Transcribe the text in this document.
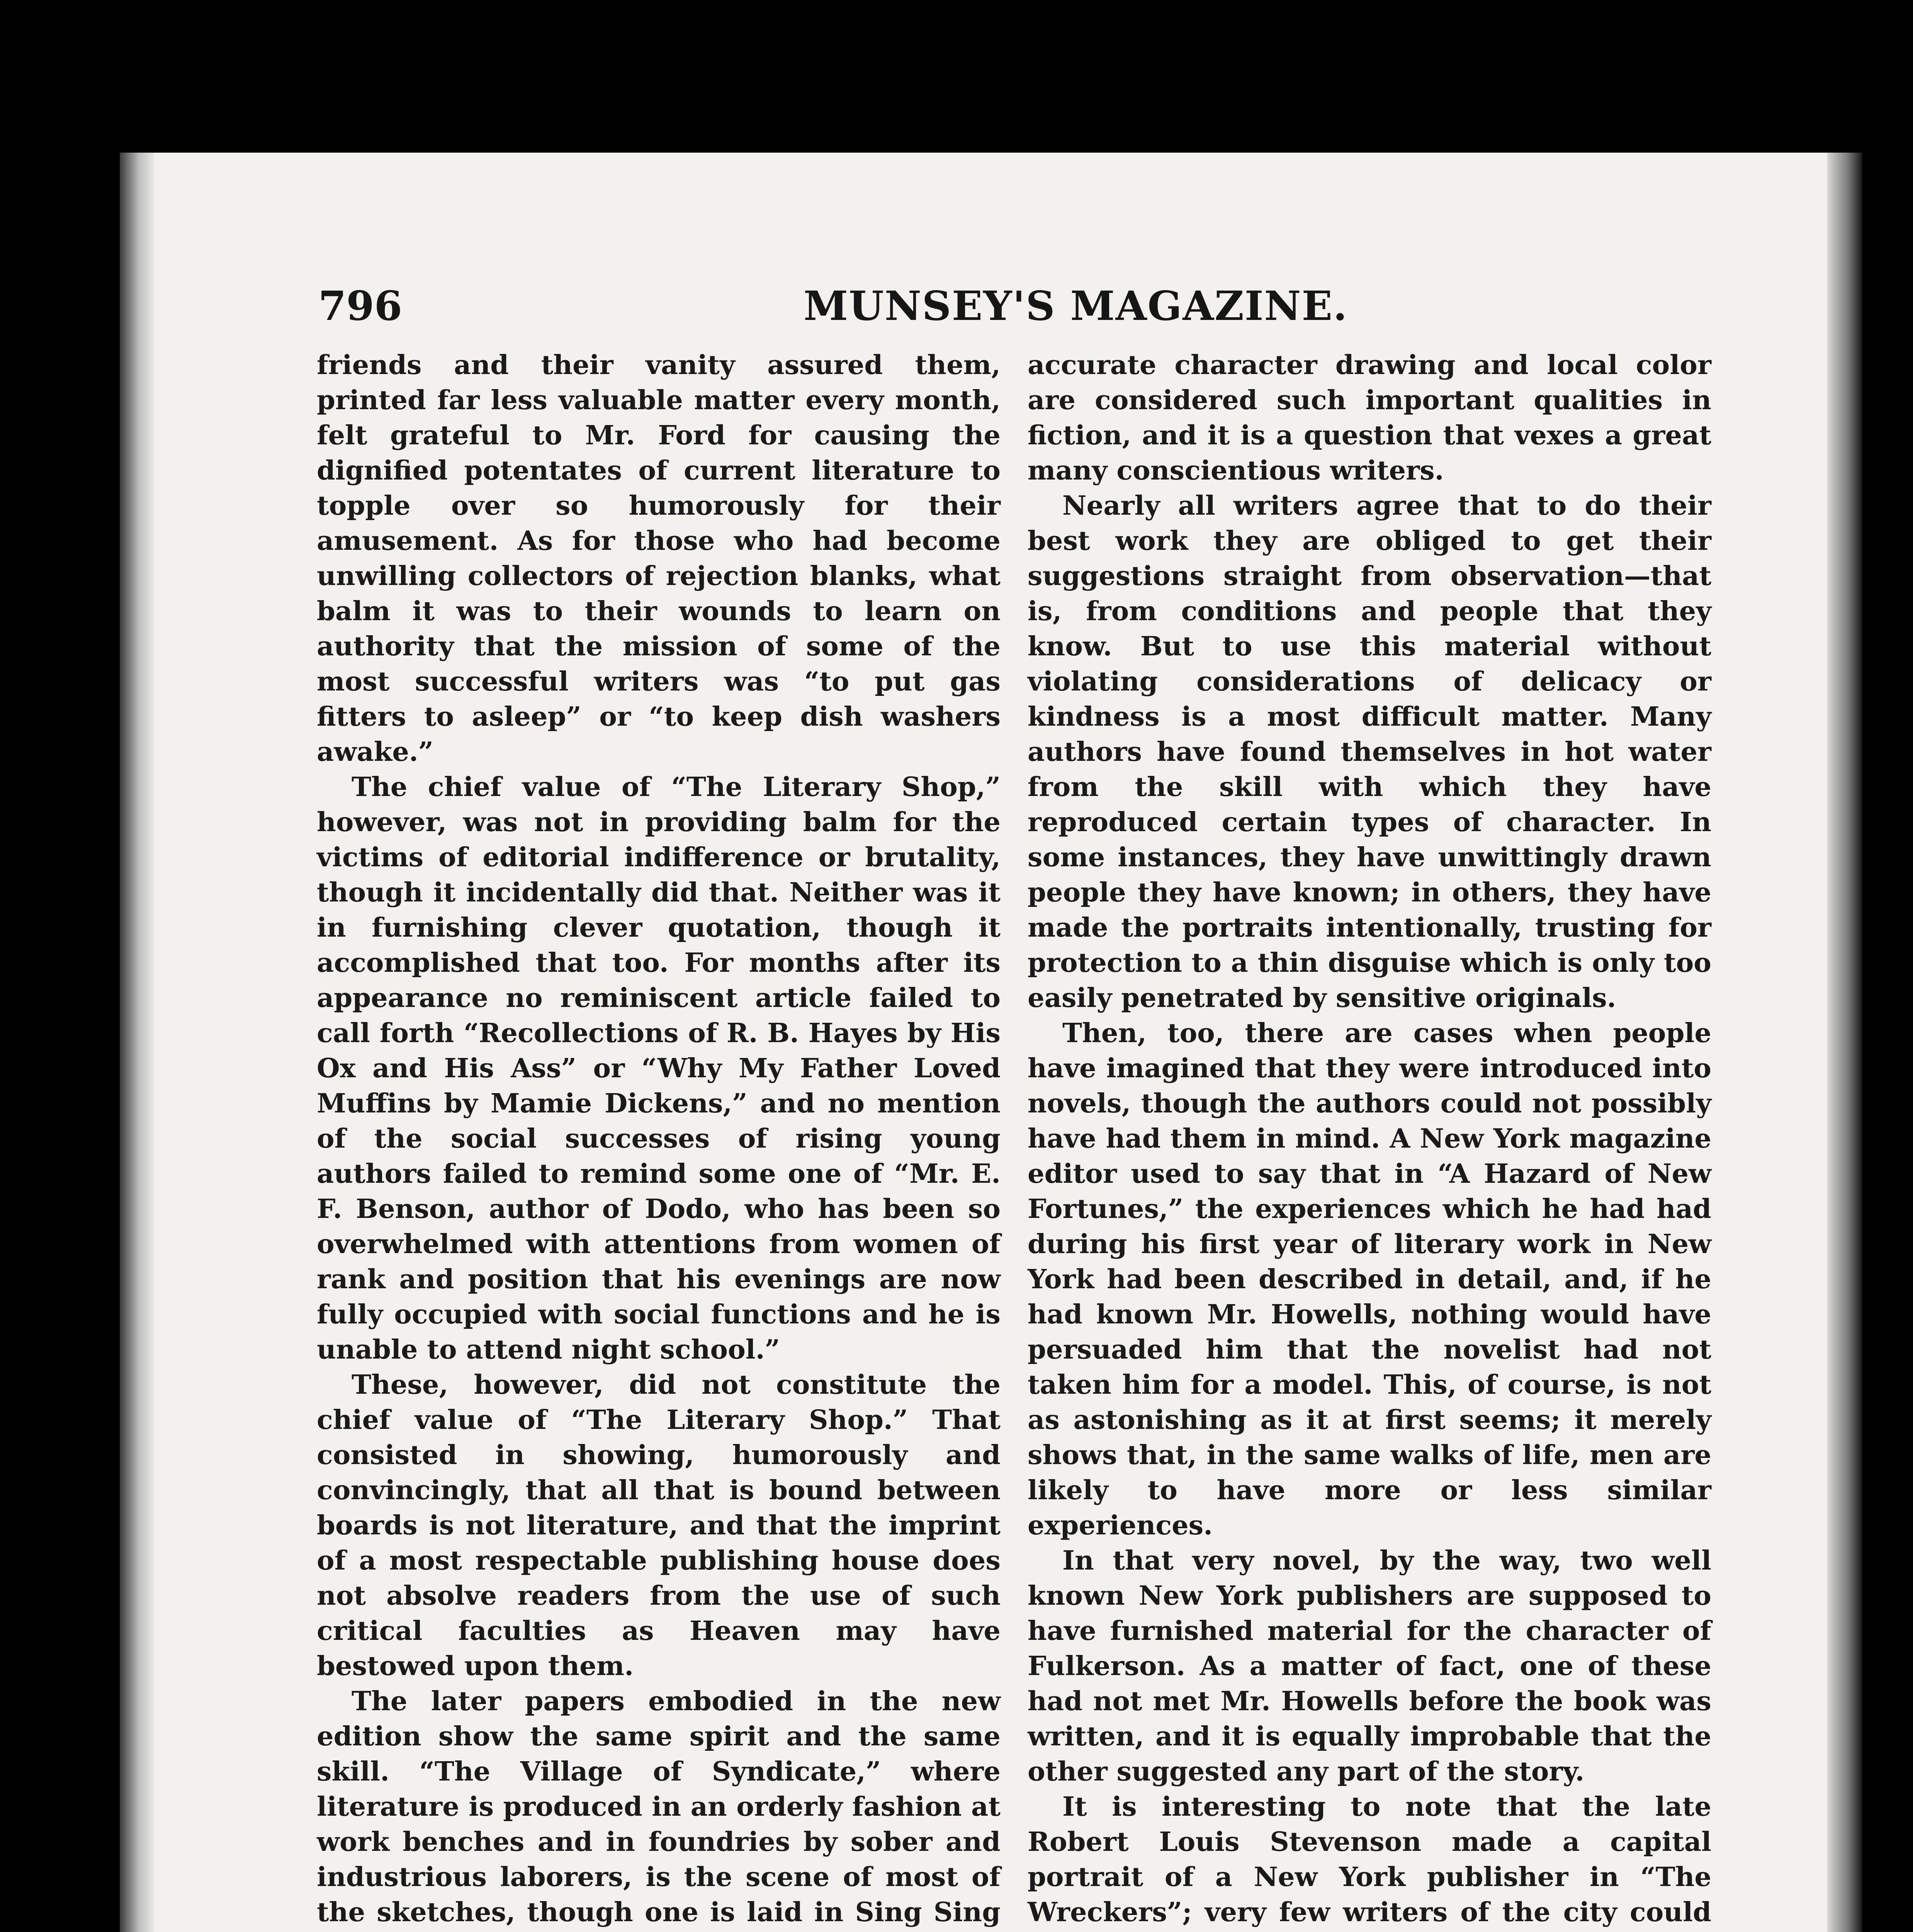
796	MUNSEY'S MAGAZINE.

friends and their vanity assured them, printed far less valuable matter every month, felt grateful to Mr. Ford for causing the dignified potentates of current literature to topple over so humorously for their amusement. As for those who had become unwilling collectors of rejection blanks, what balm it was to their wounds to learn on authority that the mission of some of the most successful writers was “to put gas fitters to asleep” or “to keep dish washers awake.”

The chief value of “The Literary Shop,” however, was not in providing balm for the victims of editorial indifference or brutality, though it incidentally did that. Neither was it in furnishing clever quotation, though it accomplished that too. For months after its appearance no reminiscent article failed to call forth “Recollections of R. B. Hayes by His Ox and His Ass” or “Why My Father Loved Muffins by Mamie Dickens,” and no mention of the social successes of rising young authors failed to remind some one of “Mr. E. F. Benson, author of Dodo, who has been so overwhelmed with attentions from women of rank and position that his evenings are now fully occupied with social functions and he is unable to attend night school.”

These, however, did not constitute the chief value of “The Literary Shop.” That consisted in showing, humorously and convincingly, that all that is bound between boards is not literature, and that the imprint of a most respectable publishing house does not absolve readers from the use of such critical faculties as Heaven may have bestowed upon them.

The later papers embodied in the new edition show the same spirit and the same skill. “The Village of Syndicate,” where literature is produced in an orderly fashion at work benches and in foundries by sober and industrious laborers, is the scene of most of the sketches, though one is laid in Sing Sing

accurate character drawing and local color are considered such important qualities in fiction, and it is a question that vexes a great many conscientious writers.

Nearly all writers agree that to do their best work they are obliged to get their suggestions straight from observation—that is, from conditions and people that they know. But to use this material without violating considerations of delicacy or kindness is a most difficult matter. Many authors have found themselves in hot water from the skill with which they have reproduced certain types of character. In some instances, they have unwittingly drawn people they have known; in others, they have made the portraits intentionally, trusting for protection to a thin disguise which is only too easily penetrated by sensitive originals.

Then, too, there are cases when people have imagined that they were introduced into novels, though the authors could not possibly have had them in mind. A New York magazine editor used to say that in “A Hazard of New Fortunes,” the experiences which he had had during his first year of literary work in New York had been described in detail, and, if he had known Mr. Howells, nothing would have persuaded him that the novelist had not taken him for a model. This, of course, is not as astonishing as it at first seems; it merely shows that, in the same walks of life, men are likely to have more or less similar experiences.

In that very novel, by the way, two well known New York publishers are supposed to have furnished material for the character of Fulkerson. As a matter of fact, one of these had not met Mr. Howells before the book was written, and it is equally improbable that the other suggested any part of the story.

It is interesting to note that the late Robert Louis Stevenson made a capital portrait of a New York publisher in “The Wreckers”; very few writers of the city could
